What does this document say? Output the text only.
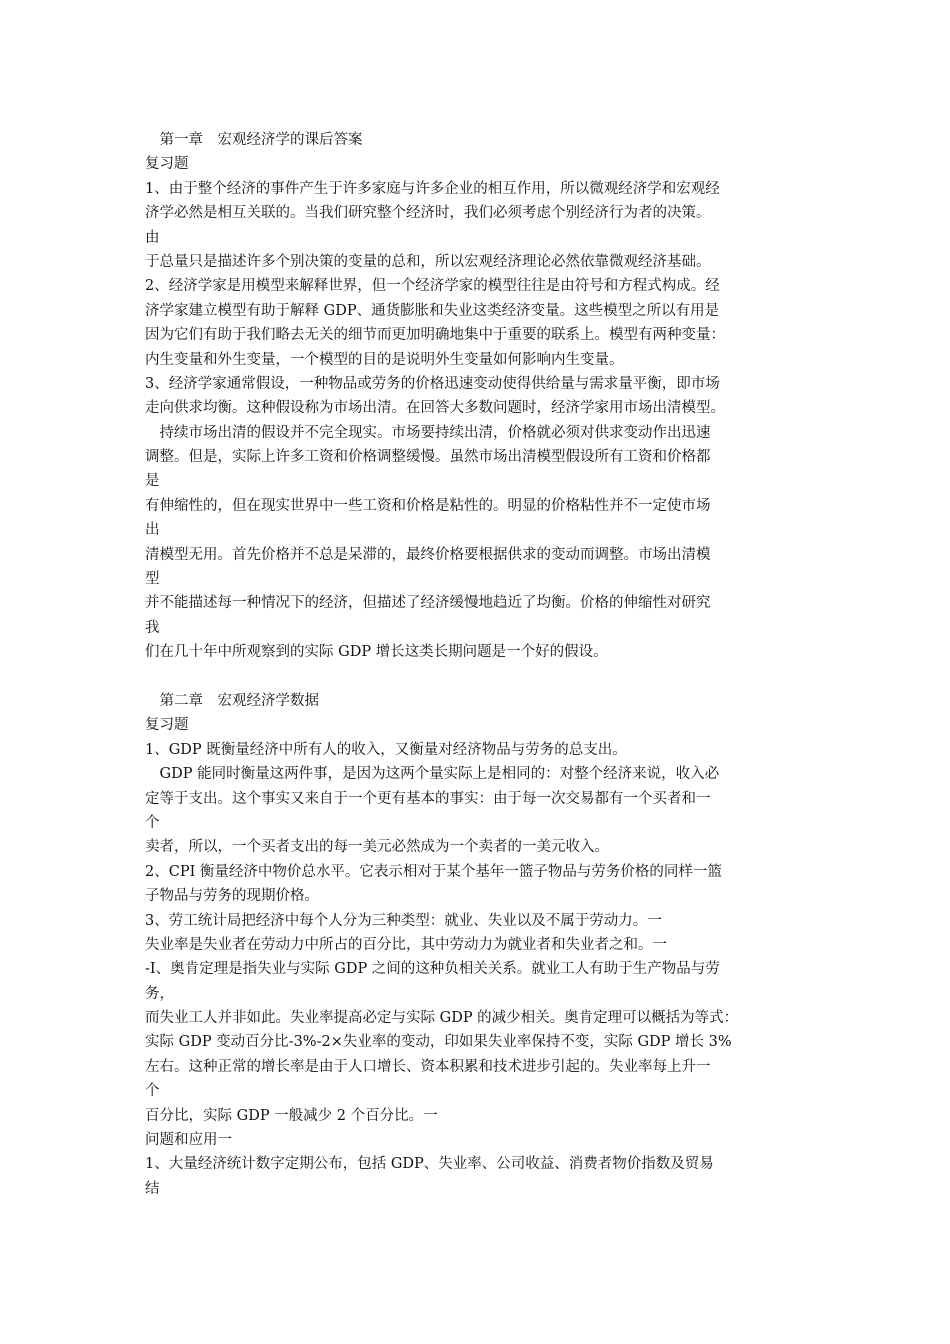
　第一章　宏观经济学的课后答案
复习题
1、由于整个经济的事件产生于许多家庭与许多企业的相互作用，所以微观经济学和宏观经
济学必然是相互关联的。当我们研究整个经济时，我们必须考虑个别经济行为者的决策。
由
于总量只是描述许多个别决策的变量的总和，所以宏观经济理论必然依靠微观经济基础。
2、经济学家是用模型来解释世界，但一个经济学家的模型往往是由符号和方程式构成。经
济学家建立模型有助于解释 GDP、通货膨胀和失业这类经济变量。这些模型之所以有用是
因为它们有助于我们略去无关的细节而更加明确地集中于重要的联系上。模型有两种变量：
内生变量和外生变量，一个模型的目的是说明外生变量如何影响内生变量。
3、经济学家通常假设，一种物品或劳务的价格迅速变动使得供给量与需求量平衡，即市场
走向供求均衡。这种假设称为市场出清。在回答大多数问题时，经济学家用市场出清模型。
　持续市场出清的假设并不完全现实。市场要持续出清，价格就必须对供求变动作出迅速
调整。但是，实际上许多工资和价格调整缓慢。虽然市场出清模型假设所有工资和价格都
是
有伸缩性的，但在现实世界中一些工资和价格是粘性的。明显的价格粘性并不一定使市场
出
清模型无用。首先价格并不总是呆滞的，最终价格要根据供求的变动而调整。市场出清模
型
并不能描述每一种情况下的经济，但描述了经济缓慢地趋近了均衡。价格的伸缩性对研究
我
们在几十年中所观察到的实际 GDP 增长这类长期问题是一个好的假设。
　第二章　宏观经济学数据
复习题
1、GDP 既衡量经济中所有人的收入，又衡量对经济物品与劳务的总支出。
　GDP 能同时衡量这两件事，是因为这两个量实际上是相同的：对整个经济来说，收入必
定等于支出。这个事实又来自于一个更有基本的事实：由于每一次交易都有一个买者和一
个
卖者，所以，一个买者支出的每一美元必然成为一个卖者的一美元收入。
2、CPI 衡量经济中物价总水平。它表示相对于某个基年一篮子物品与劳务价格的同样一篮
子物品与劳务的现期价格。
3、劳工统计局把经济中每个人分为三种类型：就业、失业以及不属于劳动力。一
失业率是失业者在劳动力中所占的百分比，其中劳动力为就业者和失业者之和。一
-I、奥肯定理是指失业与实际 GDP 之间的这种负相关关系。就业工人有助于生产物品与劳
务，
而失业工人并非如此。失业率提高必定与实际 GDP 的减少相关。奥肯定理可以概括为等式：
实际 GDP 变动百分比-3%-2×失业率的变动，印如果失业率保持不变，实际 GDP 增长 3%
左右。这种正常的增长率是由于人口增长、资本积累和技术进步引起的。失业率每上升一
个
百分比，实际 GDP 一般减少 2 个百分比。一
问题和应用一
1、大量经济统计数字定期公布，包括 GDP、失业率、公司收益、消费者物价指数及贸易
结
